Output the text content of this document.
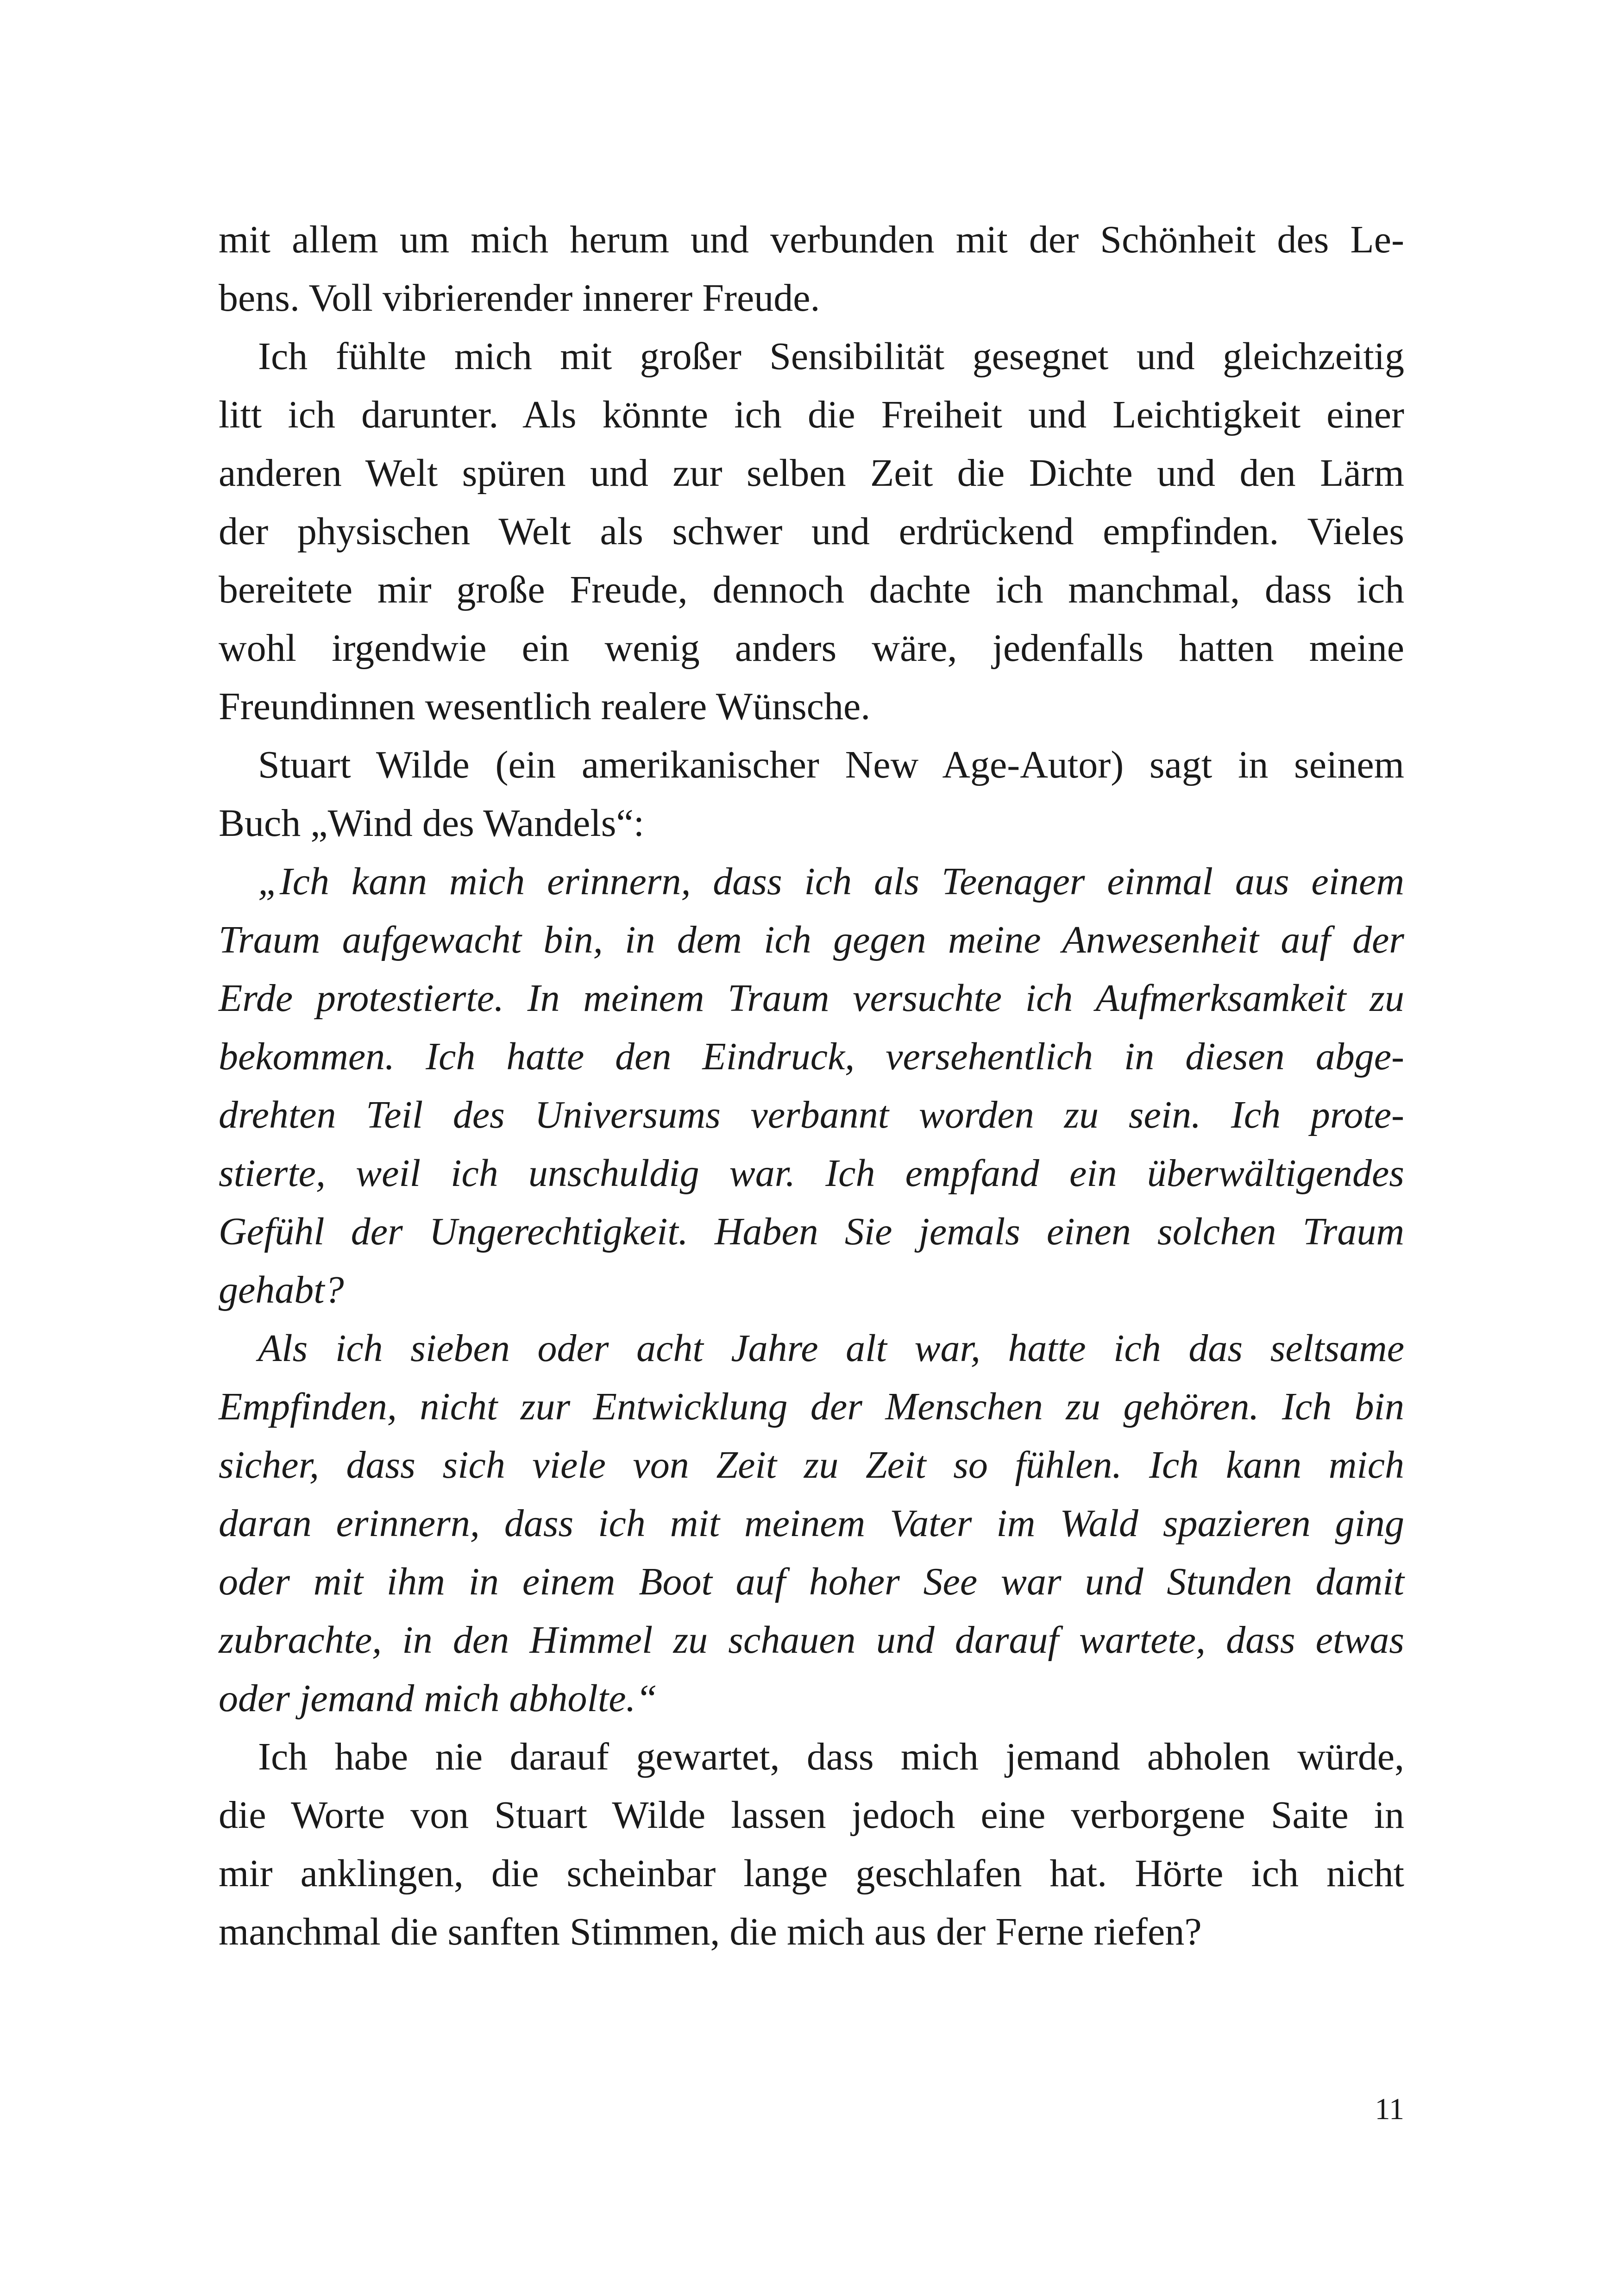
mit allem um mich herum und verbunden mit der Schönheit des Le-
bens. Voll vibrierender innerer Freude.
Ich fühlte mich mit großer Sensibilität gesegnet und gleichzeitig
litt ich darunter. Als könnte ich die Freiheit und Leichtigkeit einer
anderen Welt spüren und zur selben Zeit die Dichte und den Lärm
der physischen Welt als schwer und erdrückend empfinden. Vieles
bereitete mir große Freude, dennoch dachte ich manchmal, dass ich
wohl irgendwie ein wenig anders wäre, jedenfalls hatten meine
Freundinnen wesentlich realere Wünsche.
Stuart Wilde (ein amerikanischer New Age-Autor) sagt in seinem
Buch „Wind des Wandels“:
„Ich kann mich erinnern, dass ich als Teenager einmal aus einem
Traum aufgewacht bin, in dem ich gegen meine Anwesenheit auf der
Erde protestierte. In meinem Traum versuchte ich Aufmerksamkeit zu
bekommen. Ich hatte den Eindruck, versehentlich in diesen abge-
drehten Teil des Universums verbannt worden zu sein. Ich prote-
stierte, weil ich unschuldig war. Ich empfand ein überwältigendes
Gefühl der Ungerechtigkeit. Haben Sie jemals einen solchen Traum
gehabt?
Als ich sieben oder acht Jahre alt war, hatte ich das seltsame
Empfinden, nicht zur Entwicklung der Menschen zu gehören. Ich bin
sicher, dass sich viele von Zeit zu Zeit so fühlen. Ich kann mich
daran erinnern, dass ich mit meinem Vater im Wald spazieren ging
oder mit ihm in einem Boot auf hoher See war und Stunden damit
zubrachte, in den Himmel zu schauen und darauf wartete, dass etwas
oder jemand mich abholte.“
Ich habe nie darauf gewartet, dass mich jemand abholen würde,
die Worte von Stuart Wilde lassen jedoch eine verborgene Saite in
mir anklingen, die scheinbar lange geschlafen hat. Hörte ich nicht
manchmal die sanften Stimmen, die mich aus der Ferne riefen?
11
